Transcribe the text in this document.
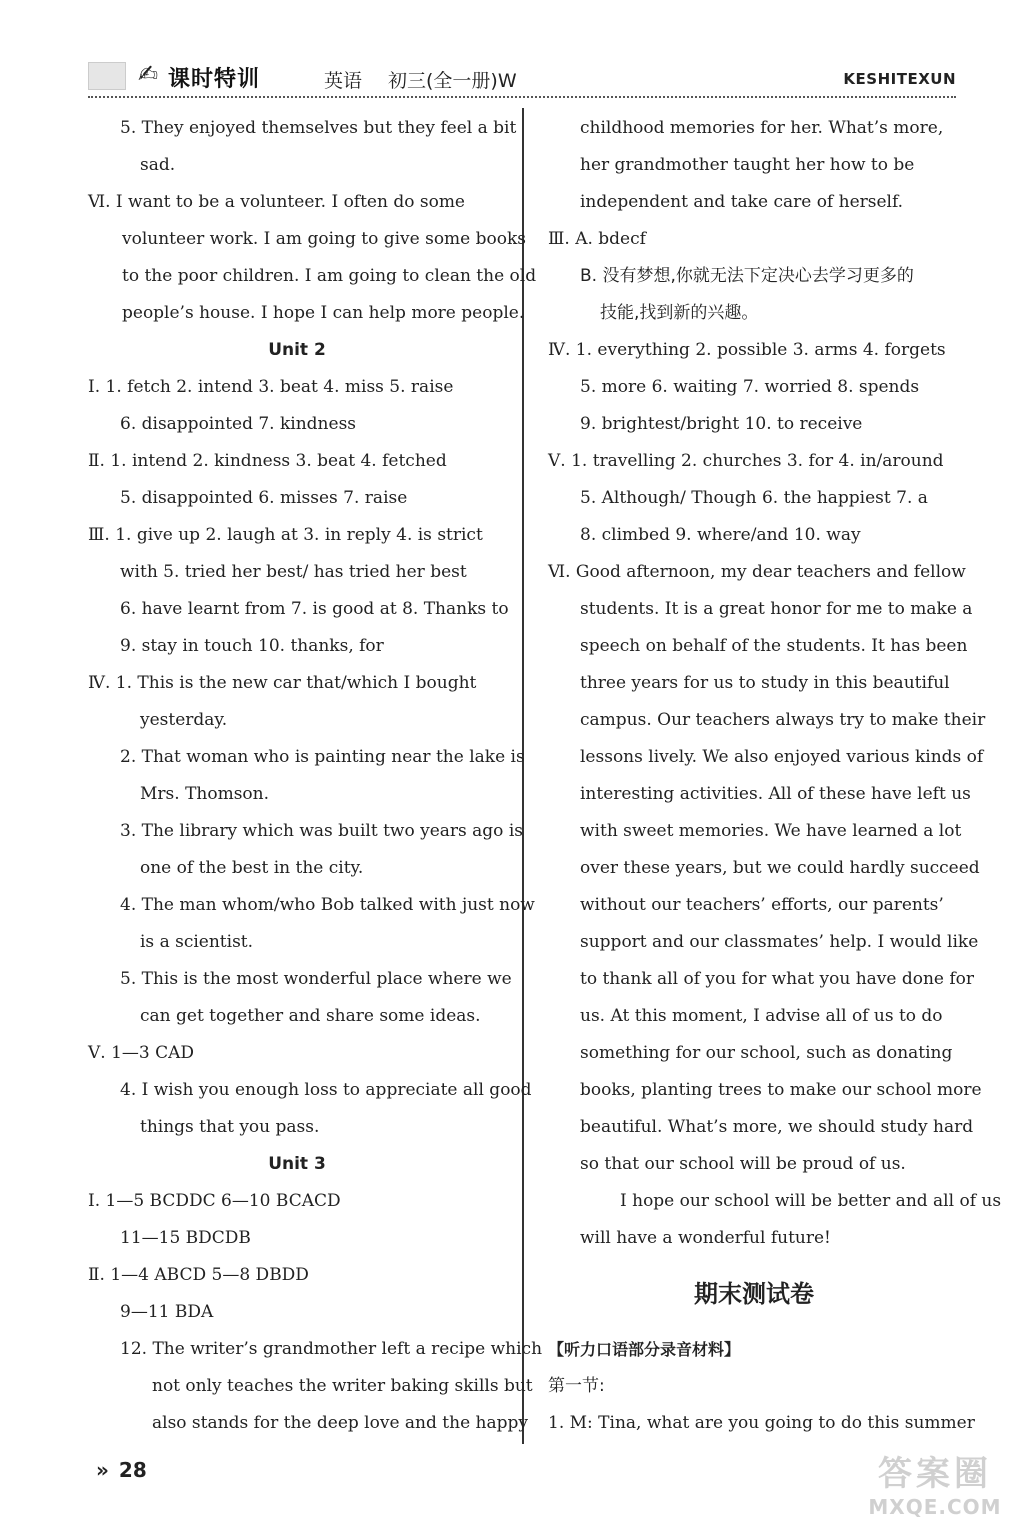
✍ 课时特训	英语 初三(全一册)W	KESHITEXUN
5. They enjoyed themselves but they feel a bit
sad.
Ⅵ. I want to be a volunteer. I often do some
volunteer work. I am going to give some books
to the poor children. I am going to clean the old
people’s house. I hope I can help more people.
Unit 2
Ⅰ. 1. fetch 2. intend 3. beat 4. miss 5. raise
6. disappointed 7. kindness
Ⅱ. 1. intend 2. kindness 3. beat 4. fetched
5. disappointed 6. misses 7. raise
Ⅲ. 1. give up 2. laugh at 3. in reply 4. is strict
with 5. tried her best/ has tried her best
6. have learnt from 7. is good at 8. Thanks to
9. stay in touch 10. thanks, for
Ⅳ. 1. This is the new car that/which I bought
yesterday.
2. That woman who is painting near the lake is
Mrs. Thomson.
3. The library which was built two years ago is
one of the best in the city.
4. The man whom/who Bob talked with just now
is a scientist.
5. This is the most wonderful place where we
can get together and share some ideas.
Ⅴ. 1—3 CAD
4. I wish you enough loss to appreciate all good
things that you pass.
Unit 3
Ⅰ. 1—5 BCDDC 6—10 BCACD
11—15 BDCDB
Ⅱ. 1—4 ABCD 5—8 DBDD
9—11 BDA
12. The writer’s grandmother left a recipe which
not only teaches the writer baking skills but
also stands for the deep love and the happy
childhood memories for her. What’s more,
her grandmother taught her how to be
independent and take care of herself.
Ⅲ. A. bdecf
B. 没有梦想,你就无法下定决心去学习更多的
技能,找到新的兴趣。
Ⅳ. 1. everything 2. possible 3. arms 4. forgets
5. more 6. waiting 7. worried 8. spends
9. brightest/bright 10. to receive
Ⅴ. 1. travelling 2. churches 3. for 4. in/around
5. Although/ Though 6. the happiest 7. a
8. climbed 9. where/and 10. way
Ⅵ. Good afternoon, my dear teachers and fellow
students. It is a great honor for me to make a
speech on behalf of the students. It has been
three years for us to study in this beautiful
campus. Our teachers always try to make their
lessons lively. We also enjoyed various kinds of
interesting activities. All of these have left us
with sweet memories. We have learned a lot
over these years, but we could hardly succeed
without our teachers’ efforts, our parents’
support and our classmates’ help. I would like
to thank all of you for what you have done for
us. At this moment, I advise all of us to do
something for our school, such as donating
books, planting trees to make our school more
beautiful. What’s more, we should study hard
so that our school will be proud of us.
I hope our school will be better and all of us
will have a wonderful future!
期末测试卷
【听力口语部分录音材料】
第一节:
1. M: Tina, what are you going to do this summer
» 28	答案圈
MXQE.COM
